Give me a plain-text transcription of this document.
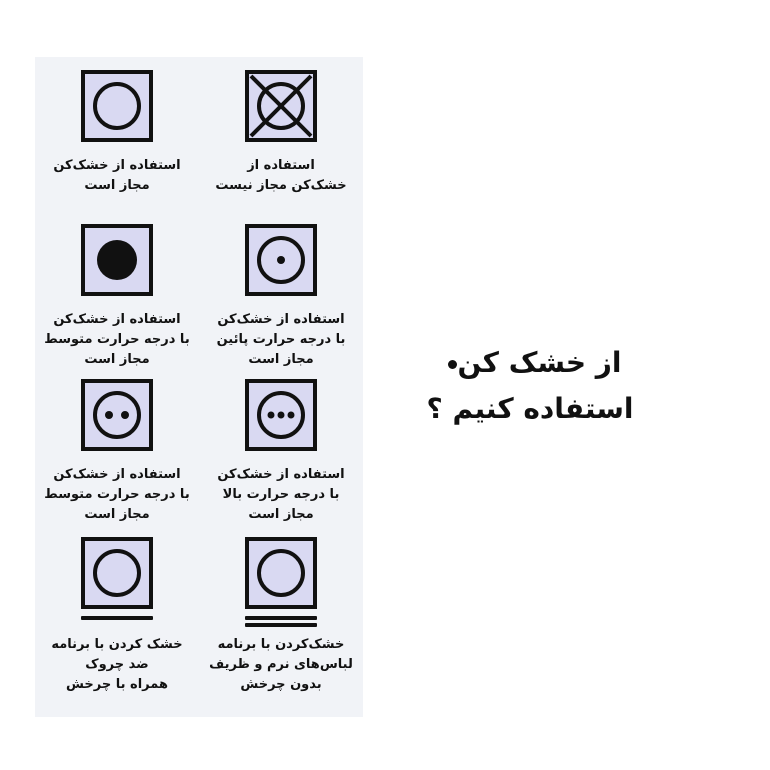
استفاده از خشک‌کن
مجاز است
استفاده از
خشک‌کن مجاز نیست
استفاده از خشک‌کن
با درجه حرارت متوسط
مجاز است
استفاده از خشک‌کن
با درجه حرارت پائین
مجاز است
استفاده از خشک‌کن
با درجه حرارت متوسط
مجاز است
استفاده از خشک‌کن
با درجه حرارت بالا
مجاز است
خشک کردن با برنامه
ضد چروک
همراه با چرخش
خشک‌کردن با برنامه
لباس‌های نرم و ظریف
بدون چرخش
از خشک کن
استفاده کنیم ؟
